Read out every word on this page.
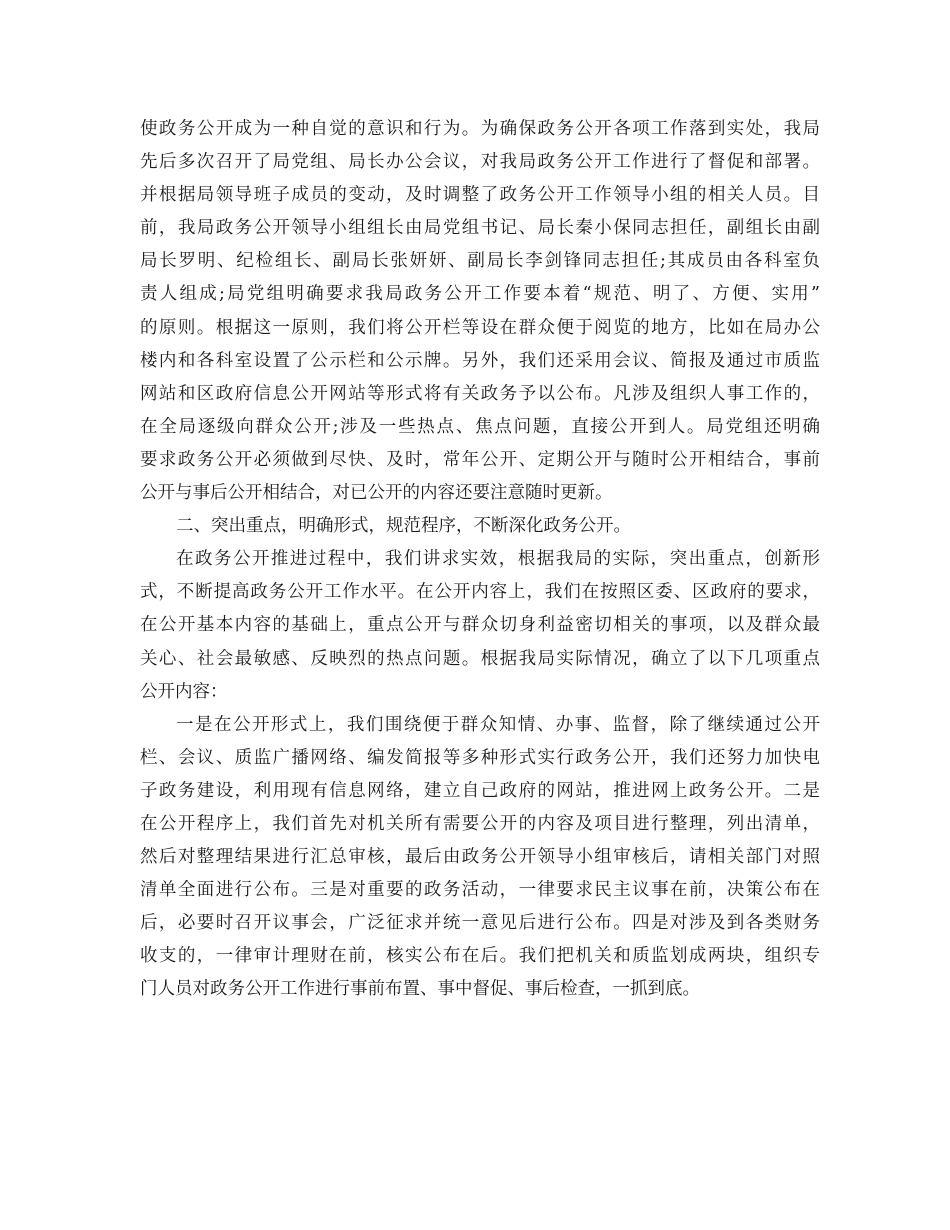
使政务公开成为一种自觉的意识和行为。为确保政务公开各项工作落到实处，我局
先后多次召开了局党组、局长办公会议，对我局政务公开工作进行了督促和部署。
并根据局领导班子成员的变动，及时调整了政务公开工作领导小组的相关人员。目
前，我局政务公开领导小组组长由局党组书记、局长秦小保同志担任，副组长由副
局长罗明、纪检组长、副局长张妍妍、副局长李剑锋同志担任;其成员由各科室负
责人组成;局党组明确要求我局政务公开工作要本着“规范、明了、方便、实用”
的原则。根据这一原则，我们将公开栏等设在群众便于阅览的地方，比如在局办公
楼内和各科室设置了公示栏和公示牌。另外，我们还采用会议、简报及通过市质监
网站和区政府信息公开网站等形式将有关政务予以公布。凡涉及组织人事工作的，
在全局逐级向群众公开;涉及一些热点、焦点问题，直接公开到人。局党组还明确
要求政务公开必须做到尽快、及时，常年公开、定期公开与随时公开相结合，事前
公开与事后公开相结合，对已公开的内容还要注意随时更新。
二、突出重点，明确形式，规范程序，不断深化政务公开。
在政务公开推进过程中，我们讲求实效，根据我局的实际，突出重点，创新形
式，不断提高政务公开工作水平。在公开内容上，我们在按照区委、区政府的要求，
在公开基本内容的基础上，重点公开与群众切身利益密切相关的事项，以及群众最
关心、社会最敏感、反映烈的热点问题。根据我局实际情况，确立了以下几项重点
公开内容：
一是在公开形式上，我们围绕便于群众知情、办事、监督，除了继续通过公开
栏、会议、质监广播网络、编发简报等多种形式实行政务公开，我们还努力加快电
子政务建设，利用现有信息网络，建立自己政府的网站，推进网上政务公开。二是
在公开程序上，我们首先对机关所有需要公开的内容及项目进行整理，列出清单，
然后对整理结果进行汇总审核，最后由政务公开领导小组审核后，请相关部门对照
清单全面进行公布。三是对重要的政务活动，一律要求民主议事在前，决策公布在
后，必要时召开议事会，广泛征求并统一意见后进行公布。四是对涉及到各类财务
收支的，一律审计理财在前，核实公布在后。我们把机关和质监划成两块，组织专
门人员对政务公开工作进行事前布置、事中督促、事后检查，一抓到底。
